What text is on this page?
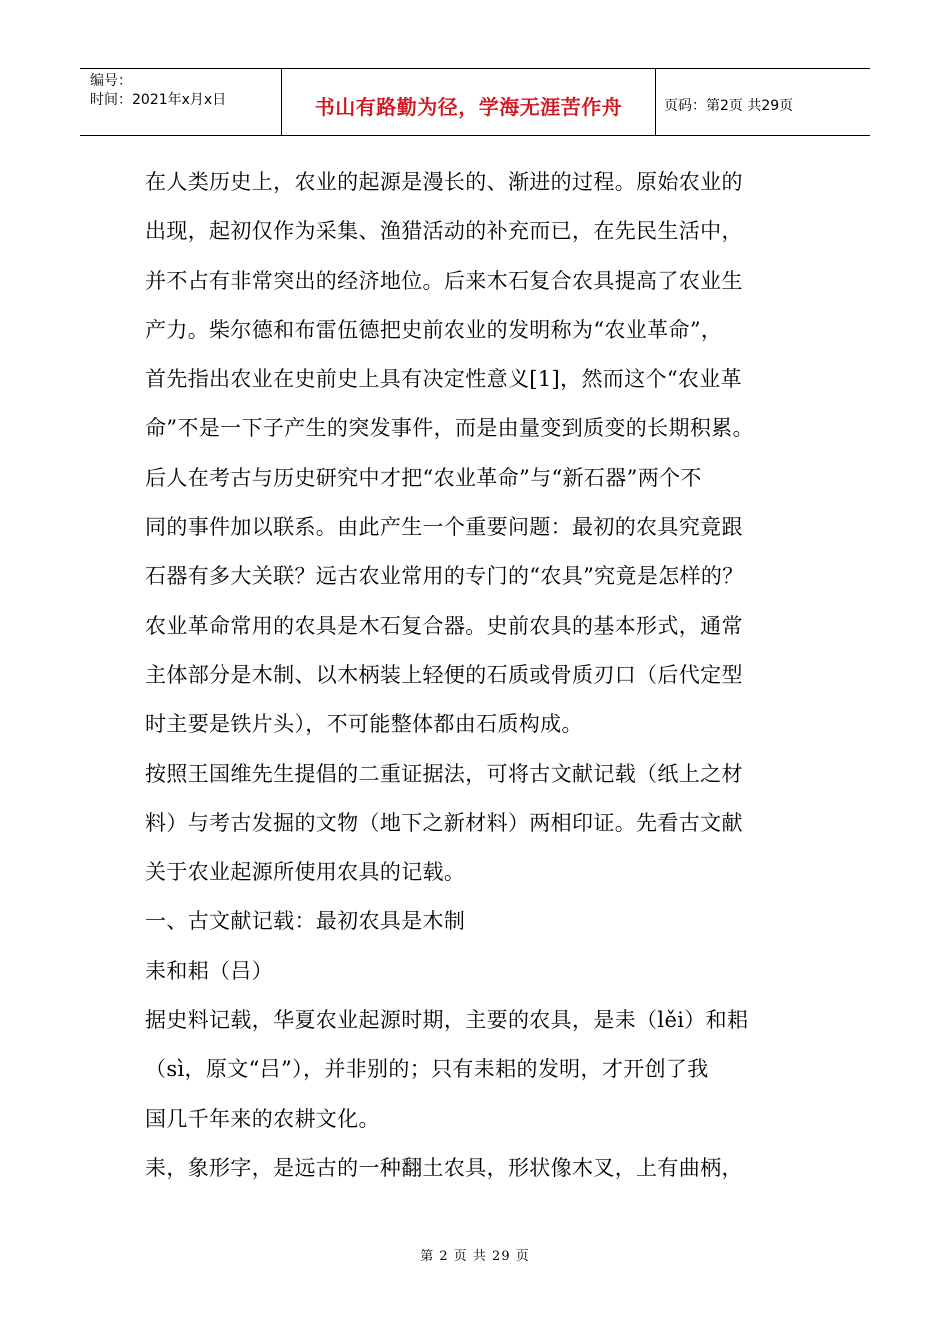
编号：
时间：2021年x月x日	书山有路勤为径，学海无涯苦作舟	页码：第2页 共29页
在人类历史上，农业的起源是漫长的、渐进的过程。原始农业的
出现，起初仅作为采集、渔猎活动的补充而已，在先民生活中，
并不占有非常突出的经济地位。后来木石复合农具提高了农业生
产力。柴尔德和布雷伍德把史前农业的发明称为“农业革命”，
首先指出农业在史前史上具有决定性意义[1]，然而这个“农业革
命”不是一下子产生的突发事件，而是由量变到质变的长期积累。
后人在考古与历史研究中才把“农业革命”与“新石器”两个不
同的事件加以联系。由此产生一个重要问题：最初的农具究竟跟
石器有多大关联？远古农业常用的专门的“农具”究竟是怎样的？
农业革命常用的农具是木石复合器。史前农具的基本形式，通常
主体部分是木制、以木柄装上轻便的石质或骨质刃口（后代定型
时主要是铁片头），不可能整体都由石质构成。
按照王国维先生提倡的二重证据法，可将古文献记载（纸上之材
料）与考古发掘的文物（地下之新材料）两相印证。先看古文献
关于农业起源所使用农具的记载。
一、古文献记载：最初农具是木制
耒和耜（吕）
据史料记载，华夏农业起源时期，主要的农具，是耒（lěi）和耜
（sì，原文“吕”），并非别的；只有耒耜的发明，才开创了我
国几千年来的农耕文化。
耒，象形字，是远古的一种翻土农具，形状像木叉，上有曲柄，
第 2 页 共 29 页
